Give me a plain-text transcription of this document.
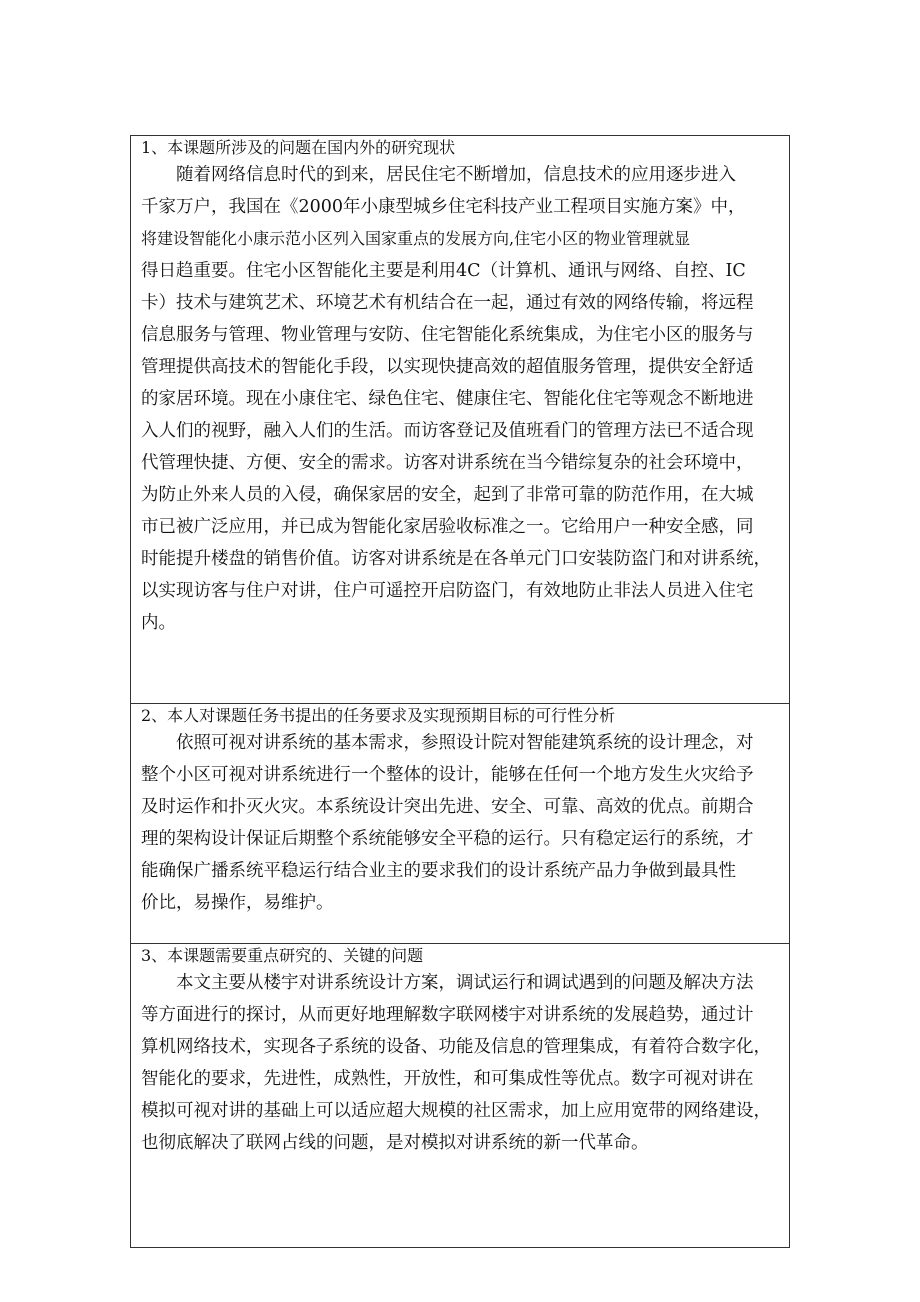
1、本课题所涉及的问题在国内外的研究现状
随着网络信息时代的到来，居民住宅不断增加，信息技术的应用逐步进入
千家万户，我国在《2000年小康型城乡住宅科技产业工程项目实施方案》中，
将建设智能化小康示范小区列入国家重点的发展方向,住宅小区的物业管理就显
得日趋重要。住宅小区智能化主要是利用4C（计算机、通讯与网络、自控、IC
卡）技术与建筑艺术、环境艺术有机结合在一起，通过有效的网络传输，将远程
信息服务与管理、物业管理与安防、住宅智能化系统集成，为住宅小区的服务与
管理提供高技术的智能化手段，以实现快捷高效的超值服务管理，提供安全舒适
的家居环境。现在小康住宅、绿色住宅、健康住宅、智能化住宅等观念不断地进
入人们的视野，融入人们的生活。而访客登记及值班看门的管理方法已不适合现
代管理快捷、方便、安全的需求。访客对讲系统在当今错综复杂的社会环境中，
为防止外来人员的入侵，确保家居的安全，起到了非常可靠的防范作用，在大城
市已被广泛应用，并已成为智能化家居验收标准之一。它给用户一种安全感，同
时能提升楼盘的销售价值。访客对讲系统是在各单元门口安装防盗门和对讲系统，
以实现访客与住户对讲，住户可遥控开启防盗门，有效地防止非法人员进入住宅
内。
2、本人对课题任务书提出的任务要求及实现预期目标的可行性分析
依照可视对讲系统的基本需求，参照设计院对智能建筑系统的设计理念，对
整个小区可视对讲系统进行一个整体的设计，能够在任何一个地方发生火灾给予
及时运作和扑灭火灾。本系统设计突出先进、安全、可靠、高效的优点。前期合
理的架构设计保证后期整个系统能够安全平稳的运行。只有稳定运行的系统，才
能确保广播系统平稳运行结合业主的要求我们的设计系统产品力争做到最具性
价比，易操作，易维护。
3、本课题需要重点研究的、关键的问题
本文主要从楼宇对讲系统设计方案，调试运行和调试遇到的问题及解决方法
等方面进行的探讨，从而更好地理解数字联网楼宇对讲系统的发展趋势，通过计
算机网络技术，实现各子系统的设备、功能及信息的管理集成，有着符合数字化，
智能化的要求，先进性，成熟性，开放性，和可集成性等优点。数字可视对讲在
模拟可视对讲的基础上可以适应超大规模的社区需求，加上应用宽带的网络建设，
也彻底解决了联网占线的问题，是对模拟对讲系统的新一代革命。
